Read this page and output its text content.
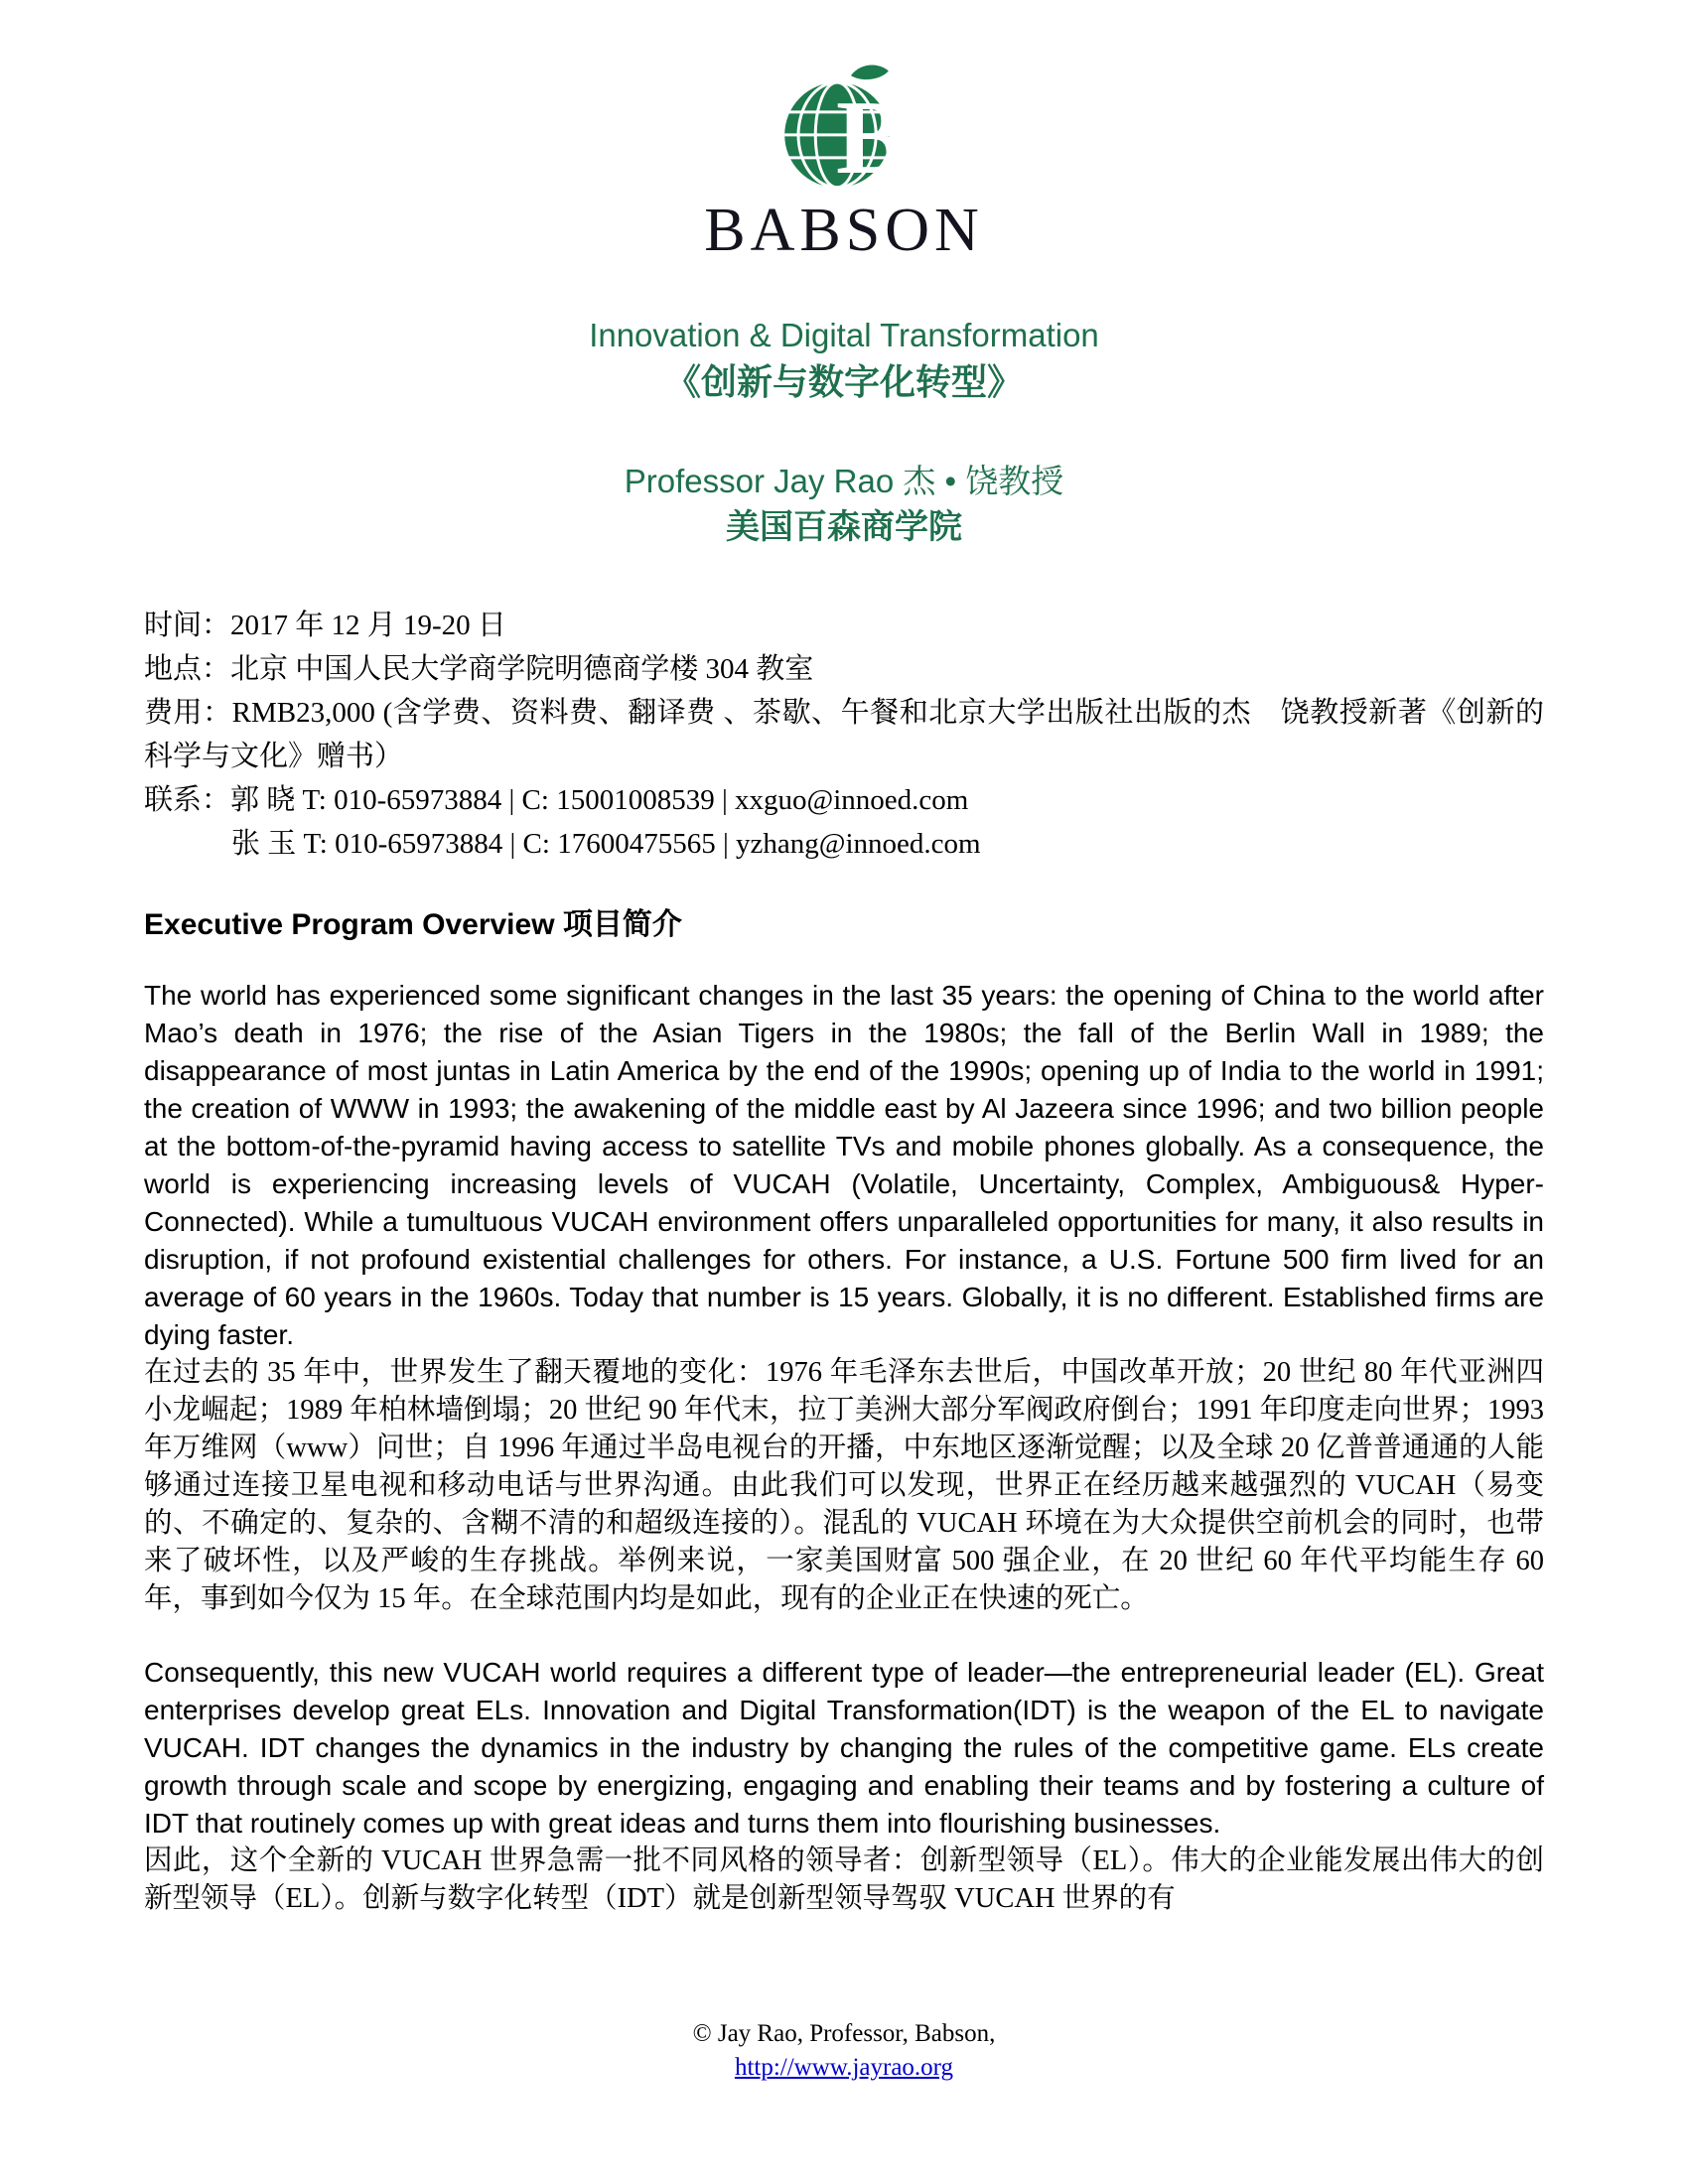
B
BABSON
Innovation & Digital Transformation
《创新与数字化转型》
Professor Jay Rao 杰 • 饶教授
美国百森商学院
时间：2017 年 12 月 19-20 日
地点：北京 中国人民大学商学院明德商学楼 304 教室
费用：RMB23,000 (含学费、资料费、翻译费 、茶歇、午餐和北京大学出版社出版的杰　饶教授新著《创新的科学与文化》赠书）
联系：郭 晓 T: 010-65973884 | C: 15001008539 | xxguo@innoed.com
张 玉 T: 010-65973884 | C: 17600475565 | yzhang@innoed.com
Executive Program Overview 项目简介
The world has experienced some significant changes in the last 35 years: the opening of China to the world after Mao’s death in 1976; the rise of the Asian Tigers in the 1980s; the fall of the Berlin Wall in 1989; the disappearance of most juntas in Latin America by the end of the 1990s; opening up of India to the world in 1991; the creation of WWW in 1993; the awakening of the middle east by Al Jazeera since 1996; and two billion people at the bottom-of-the-pyramid having access to satellite TVs and mobile phones globally. As a consequence, the world is experiencing increasing levels of VUCAH (Volatile, Uncertainty, Complex, Ambiguous& Hyper-Connected). While a tumultuous VUCAH environment offers unparalleled opportunities for many, it also results in disruption, if not profound existential challenges for others. For instance, a U.S. Fortune 500 firm lived for an average of 60 years in the 1960s. Today that number is 15 years. Globally, it is no different. Established firms are dying faster.
在过去的 35 年中，世界发生了翻天覆地的变化：1976 年毛泽东去世后，中国改革开放；20 世纪 80 年代亚洲四小龙崛起；1989 年柏林墙倒塌；20 世纪 90 年代末，拉丁美洲大部分军阀政府倒台；1991 年印度走向世界；1993 年万维网（www）问世；自 1996 年通过半岛电视台的开播，中东地区逐渐觉醒；以及全球 20 亿普普通通的人能够通过连接卫星电视和移动电话与世界沟通。由此我们可以发现，世界正在经历越来越强烈的 VUCAH（易变的、不确定的、复杂的、含糊不清的和超级连接的）。混乱的 VUCAH 环境在为大众提供空前机会的同时，也带来了破坏性，以及严峻的生存挑战。举例来说，一家美国财富 500 强企业，在 20 世纪 60 年代平均能生存 60 年，事到如今仅为 15 年。在全球范围内均是如此，现有的企业正在快速的死亡。
Consequently, this new VUCAH world requires a different type of leader—the entrepreneurial leader (EL). Great enterprises develop great ELs. Innovation and Digital Transformation(IDT) is the weapon of the EL to navigate VUCAH. IDT changes the dynamics in the industry by changing the rules of the competitive game. ELs create growth through scale and scope by energizing, engaging and enabling their teams and by fostering a culture of IDT that routinely comes up with great ideas and turns them into flourishing businesses.
因此，这个全新的 VUCAH 世界急需一批不同风格的领导者：创新型领导（EL）。伟大的企业能发展出伟大的创新型领导（EL）。创新与数字化转型（IDT）就是创新型领导驾驭 VUCAH 世界的有
© Jay Rao, Professor, Babson,
http://www.jayrao.org
